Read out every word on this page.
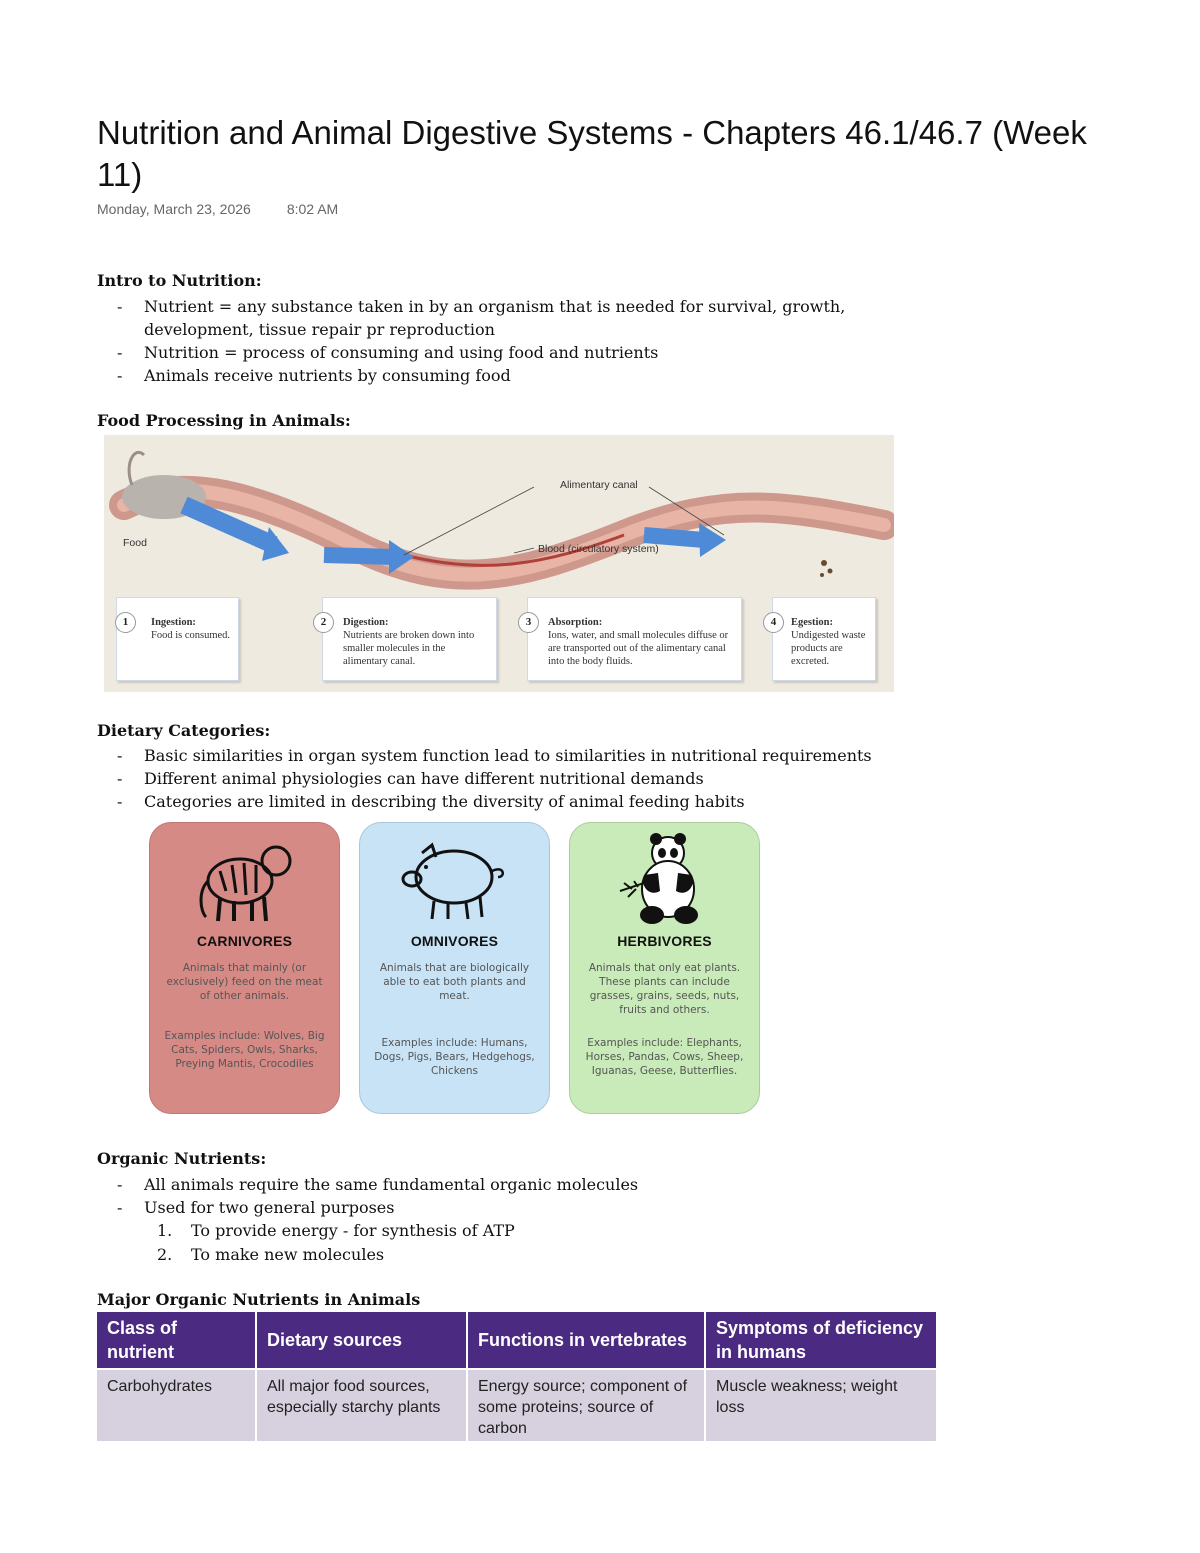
Nutrition and Animal Digestive Systems - Chapters 46.1/46.7 (Week 11)
Monday, March 23, 2026	8:02 AM
Intro to Nutrition:
- Nutrient = any substance taken in by an organism that is needed for survival, growth, development, tissue repair pr reproduction
- Nutrition = process of consuming and using food and nutrients
- Animals receive nutrients by consuming food
Food Processing in Animals:
Food
Alimentary canal
Blood (circulatory system)
1	Ingestion:
Food is consumed.
2	Digestion:
Nutrients are broken down into smaller molecules in the alimentary canal.
3	Absorption:
Ions, water, and small molecules diffuse or are transported out of the alimentary canal into the body fluids.
4	Egestion:
Undigested waste products are excreted.
Dietary Categories:
- Basic similarities in organ system function lead to similarities in nutritional requirements
- Different animal physiologies can have different nutritional demands
- Categories are limited in describing the diversity of animal feeding habits
CARNIVORES
Animals that mainly (or exclusively) feed on the meat of other animals.
Examples include: Wolves, Big Cats, Spiders, Owls, Sharks, Preying Mantis, Crocodiles
OMNIVORES
Animals that are biologically able to eat both plants and meat.
Examples include: Humans, Dogs, Pigs, Bears, Hedgehogs, Chickens
HERBIVORES
Animals that only eat plants. These plants can include grasses, grains, seeds, nuts, fruits and others.
Examples include: Elephants, Horses, Pandas, Cows, Sheep, Iguanas, Geese, Butterflies.
Organic Nutrients:
- All animals require the same fundamental organic molecules
- Used for two general purposes
1. To provide energy - for synthesis of ATP
2. To make new molecules
Major Organic Nutrients in Animals
Class of nutrient	Dietary sources	Functions in vertebrates	Symptoms of deficiency in humans
Carbohydrates	All major food sources, especially starchy plants	Energy source; component of some proteins; source of carbon	Muscle weakness; weight loss
